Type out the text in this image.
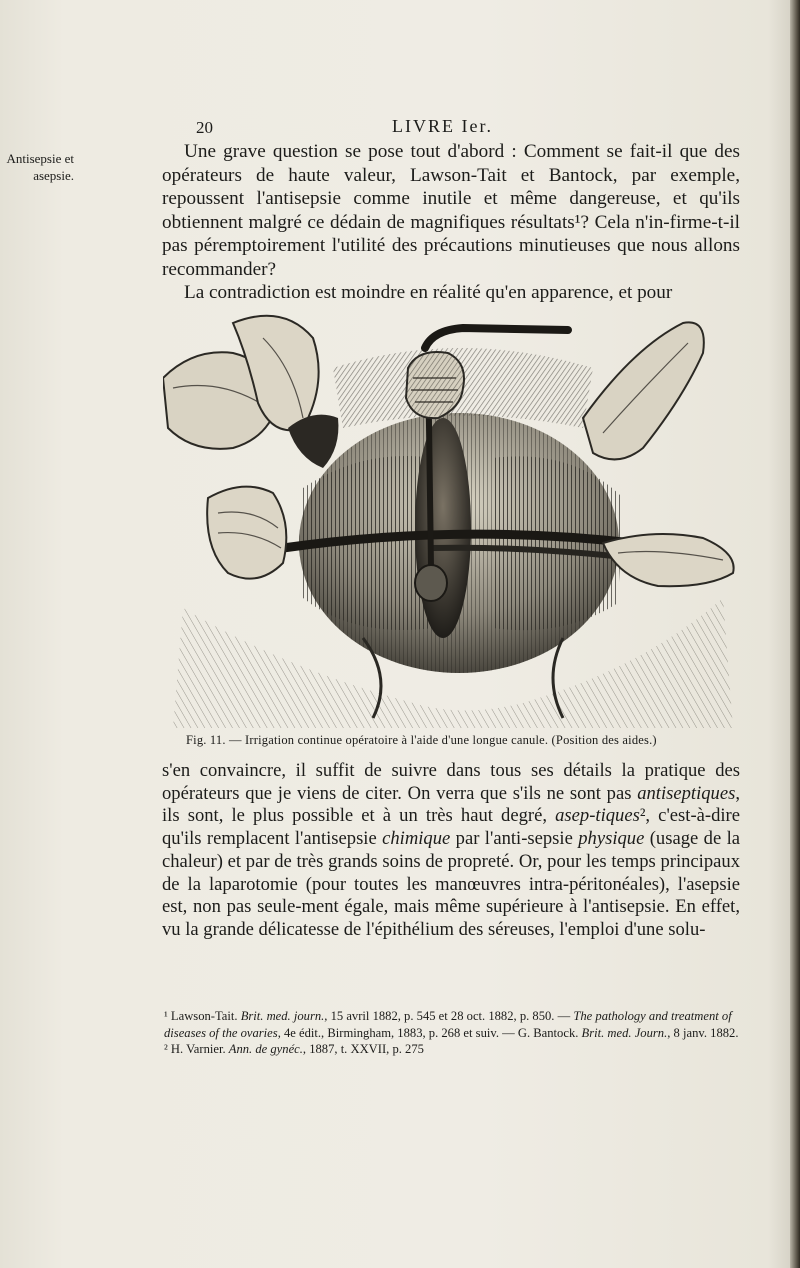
20	LIVRE Ier.
Antisepsie et asepsie.

Une grave question se pose tout d'abord : Comment se fait-il que des opérateurs de haute valeur, Lawson-Tait et Bantock, par exemple, repoussent l'antisepsie comme inutile et même dangereuse, et qu'ils obtiennent malgré ce dédain de magnifiques résultats¹? Cela n'in-firme-t-il pas péremptoirement l'utilité des précautions minutieuses que nous allons recommander?

La contradiction est moindre en réalité qu'en apparence, et pour

Fig. 11. — Irrigation continue opératoire à l'aide d'une longue canule. (Position des aides.)

s'en convaincre, il suffit de suivre dans tous ses détails la pratique des opérateurs que je viens de citer. On verra que s'ils ne sont pas antiseptiques, ils sont, le plus possible et à un très haut degré, asep-tiques², c'est-à-dire qu'ils remplacent l'antisepsie chimique par l'anti-sepsie physique (usage de la chaleur) et par de très grands soins de propreté. Or, pour les temps principaux de la laparotomie (pour toutes les manœuvres intra-péritonéales), l'asepsie est, non pas seule-ment égale, mais même supérieure à l'antisepsie. En effet, vu la grande délicatesse de l'épithélium des séreuses, l'emploi d'une solu-

¹ Lawson-Tait. Brit. med. journ., 15 avril 1882, p. 545 et 28 oct. 1882, p. 850. — The pathology and treatment of diseases of the ovaries, 4e édit., Birmingham, 1883, p. 268 et suiv. — G. Bantock. Brit. med. Journ., 8 janv. 1882.

² H. Varnier. Ann. de gynéc., 1887, t. XXVII, p. 275
